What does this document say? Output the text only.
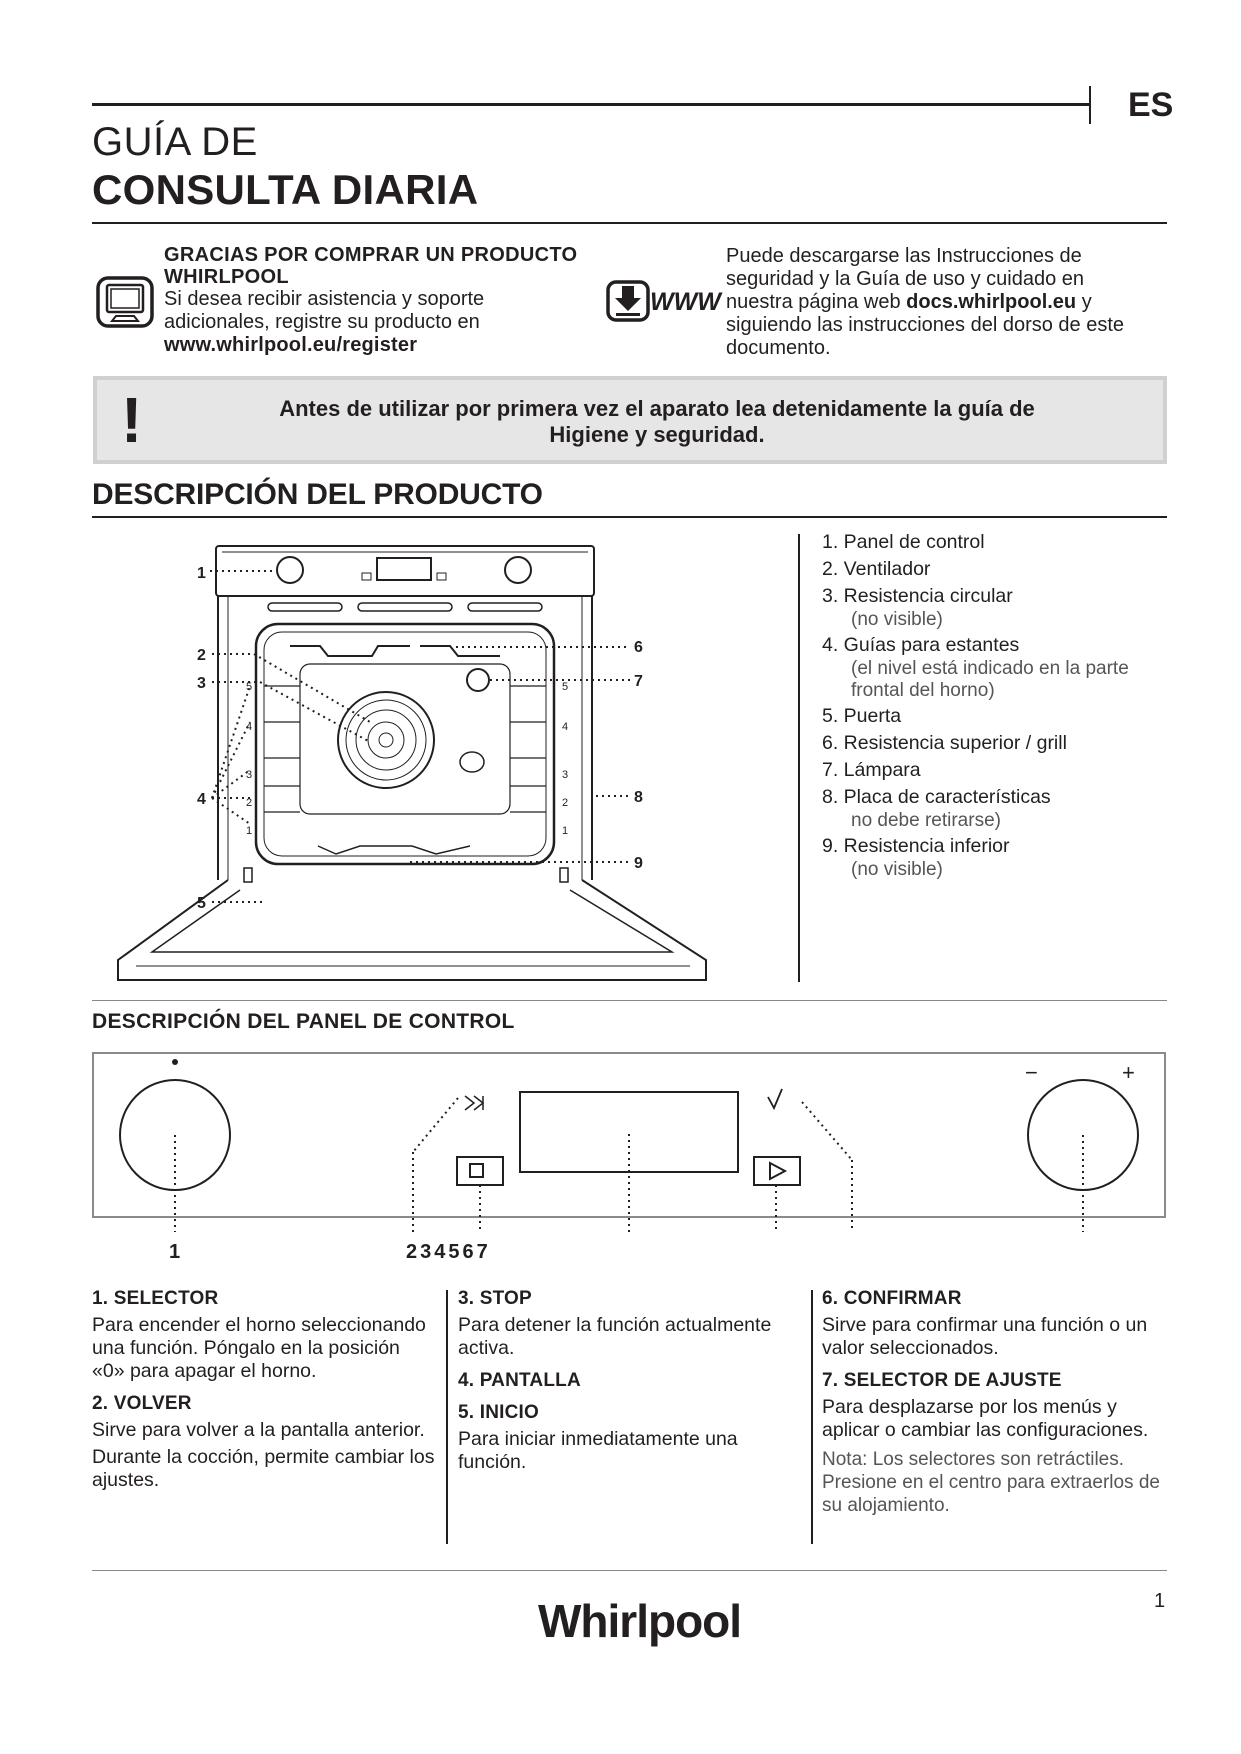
ES
GUÍA DE
CONSULTA DIARIA
GRACIAS POR COMPRAR UN PRODUCTO
WHIRLPOOL
Si desea recibir asistencia y soporte
adicionales, registre su producto en
www.whirlpool.eu/register
WWW
Puede descargarse las Instrucciones de
seguridad y la Guía de uso y cuidado en
nuestra página web docs.whirlpool.eu y
siguiendo las instrucciones del dorso de este
documento.
!	Antes de utilizar por primera vez el aparato lea detenidamente la guía de
Higiene y seguridad.
DESCRIPCIÓN DEL PRODUCTO
5
4
3
2
1
5
4
3
2
1
1
2
3
4
5
6
7
8
9
1. Panel de control
2. Ventilador
3. Resistencia circular
(no visible)
4. Guías para estantes
(el nivel está indicado en la parte frontal del horno)
5. Puerta
6. Resistencia superior / grill
7. Lámpara
8. Placa de características
no debe retirarse)
9. Resistencia inferior
(no visible)
DESCRIPCIÓN DEL PANEL DE CONTROL
−	+
1	234567
1. SELECTOR
Para encender el horno seleccionando una función. Póngalo en la posición «0» para apagar el horno.
2. VOLVER
Sirve para volver a la pantalla anterior.
Durante la cocción, permite cambiar los ajustes.
3. STOP
Para detener la función actualmente activa.
4. PANTALLA
5. INICIO
Para iniciar inmediatamente una función.
6. CONFIRMAR
Sirve para confirmar una función o un valor seleccionados.
7. SELECTOR DE AJUSTE
Para desplazarse por los menús y aplicar o cambiar las configuraciones.
Nota: Los selectores son retráctiles. Presione en el centro para extraerlos de su alojamiento.
1
Whirlpool
